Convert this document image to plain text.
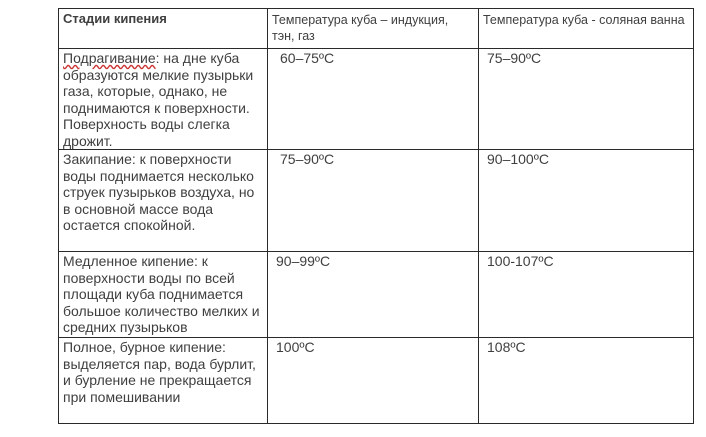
Стадии кипения	Температура куба – индукция, тэн, газ	Температура куба - соляная ванна
Подрагивание: на дне куба образуются мелкие пузырьки газа, которые, однако, не поднимаются к поверхности. Поверхность воды слегка дрожит.	60–75ºC	75–90ºC
Закипание: к поверхности воды поднимается несколько струек пузырьков воздуха, но в основной массе вода остается спокойной.	75–90ºC	90–100ºC
Медленное кипение: к поверхности воды по всей площади куба поднимается большое количество мелких и средних пузырьков	90–99ºC	100-107ºC
Полное, бурное кипение: выделяется пар, вода бурлит, и бурление не прекращается при помешивании	100ºC	108ºC
